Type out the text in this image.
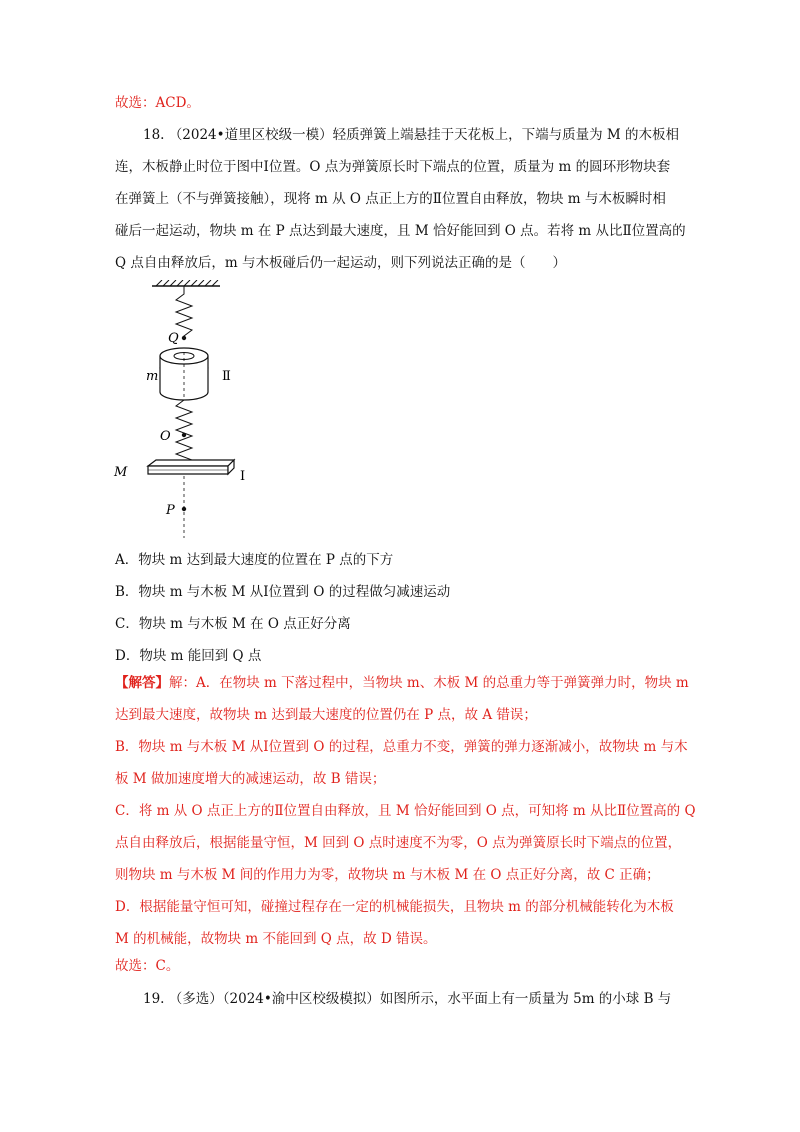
故选：ACD。
18. （2024•道里区校级一模）轻质弹簧上端悬挂于天花板上，下端与质量为 M 的木板相
连，木板静止时位于图中Ⅰ位置。O 点为弹簧原长时下端点的位置，质量为 m 的圆环形物块套
在弹簧上（不与弹簧接触），现将 m 从 O 点正上方的Ⅱ位置自由释放，物块 m 与木板瞬时相
碰后一起运动，物块 m 在 P 点达到最大速度，且 M 恰好能回到 O 点。若将 m 从比Ⅱ位置高的
Q 点自由释放后，m 与木板碰后仍一起运动，则下列说法正确的是（　　）
Q
m	Ⅱ
O
M	I
P
A．物块 m 达到最大速度的位置在 P 点的下方
B．物块 m 与木板 M 从Ⅰ位置到 O 的过程做匀减速运动
C．物块 m 与木板 M 在 O 点正好分离
D．物块 m 能回到 Q 点
【解答】解：A．在物块 m 下落过程中，当物块 m、木板 M 的总重力等于弹簧弹力时，物块 m
达到最大速度，故物块 m 达到最大速度的位置仍在 P 点，故 A 错误；
B．物块 m 与木板 M 从Ⅰ位置到 O 的过程，总重力不变，弹簧的弹力逐渐减小，故物块 m 与木
板 M 做加速度增大的减速运动，故 B 错误；
C．将 m 从 O 点正上方的Ⅱ位置自由释放，且 M 恰好能回到 O 点，可知将 m 从比Ⅱ位置高的 Q
点自由释放后，根据能量守恒，M 回到 O 点时速度不为零，O 点为弹簧原长时下端点的位置，
则物块 m 与木板 M 间的作用力为零，故物块 m 与木板 M 在 O 点正好分离，故 C 正确；
D．根据能量守恒可知，碰撞过程存在一定的机械能损失，且物块 m 的部分机械能转化为木板
M 的机械能，故物块 m 不能回到 Q 点，故 D 错误。
故选：C。
19. （多选）（2024•渝中区校级模拟）如图所示，水平面上有一质量为 5m 的小球 B 与
